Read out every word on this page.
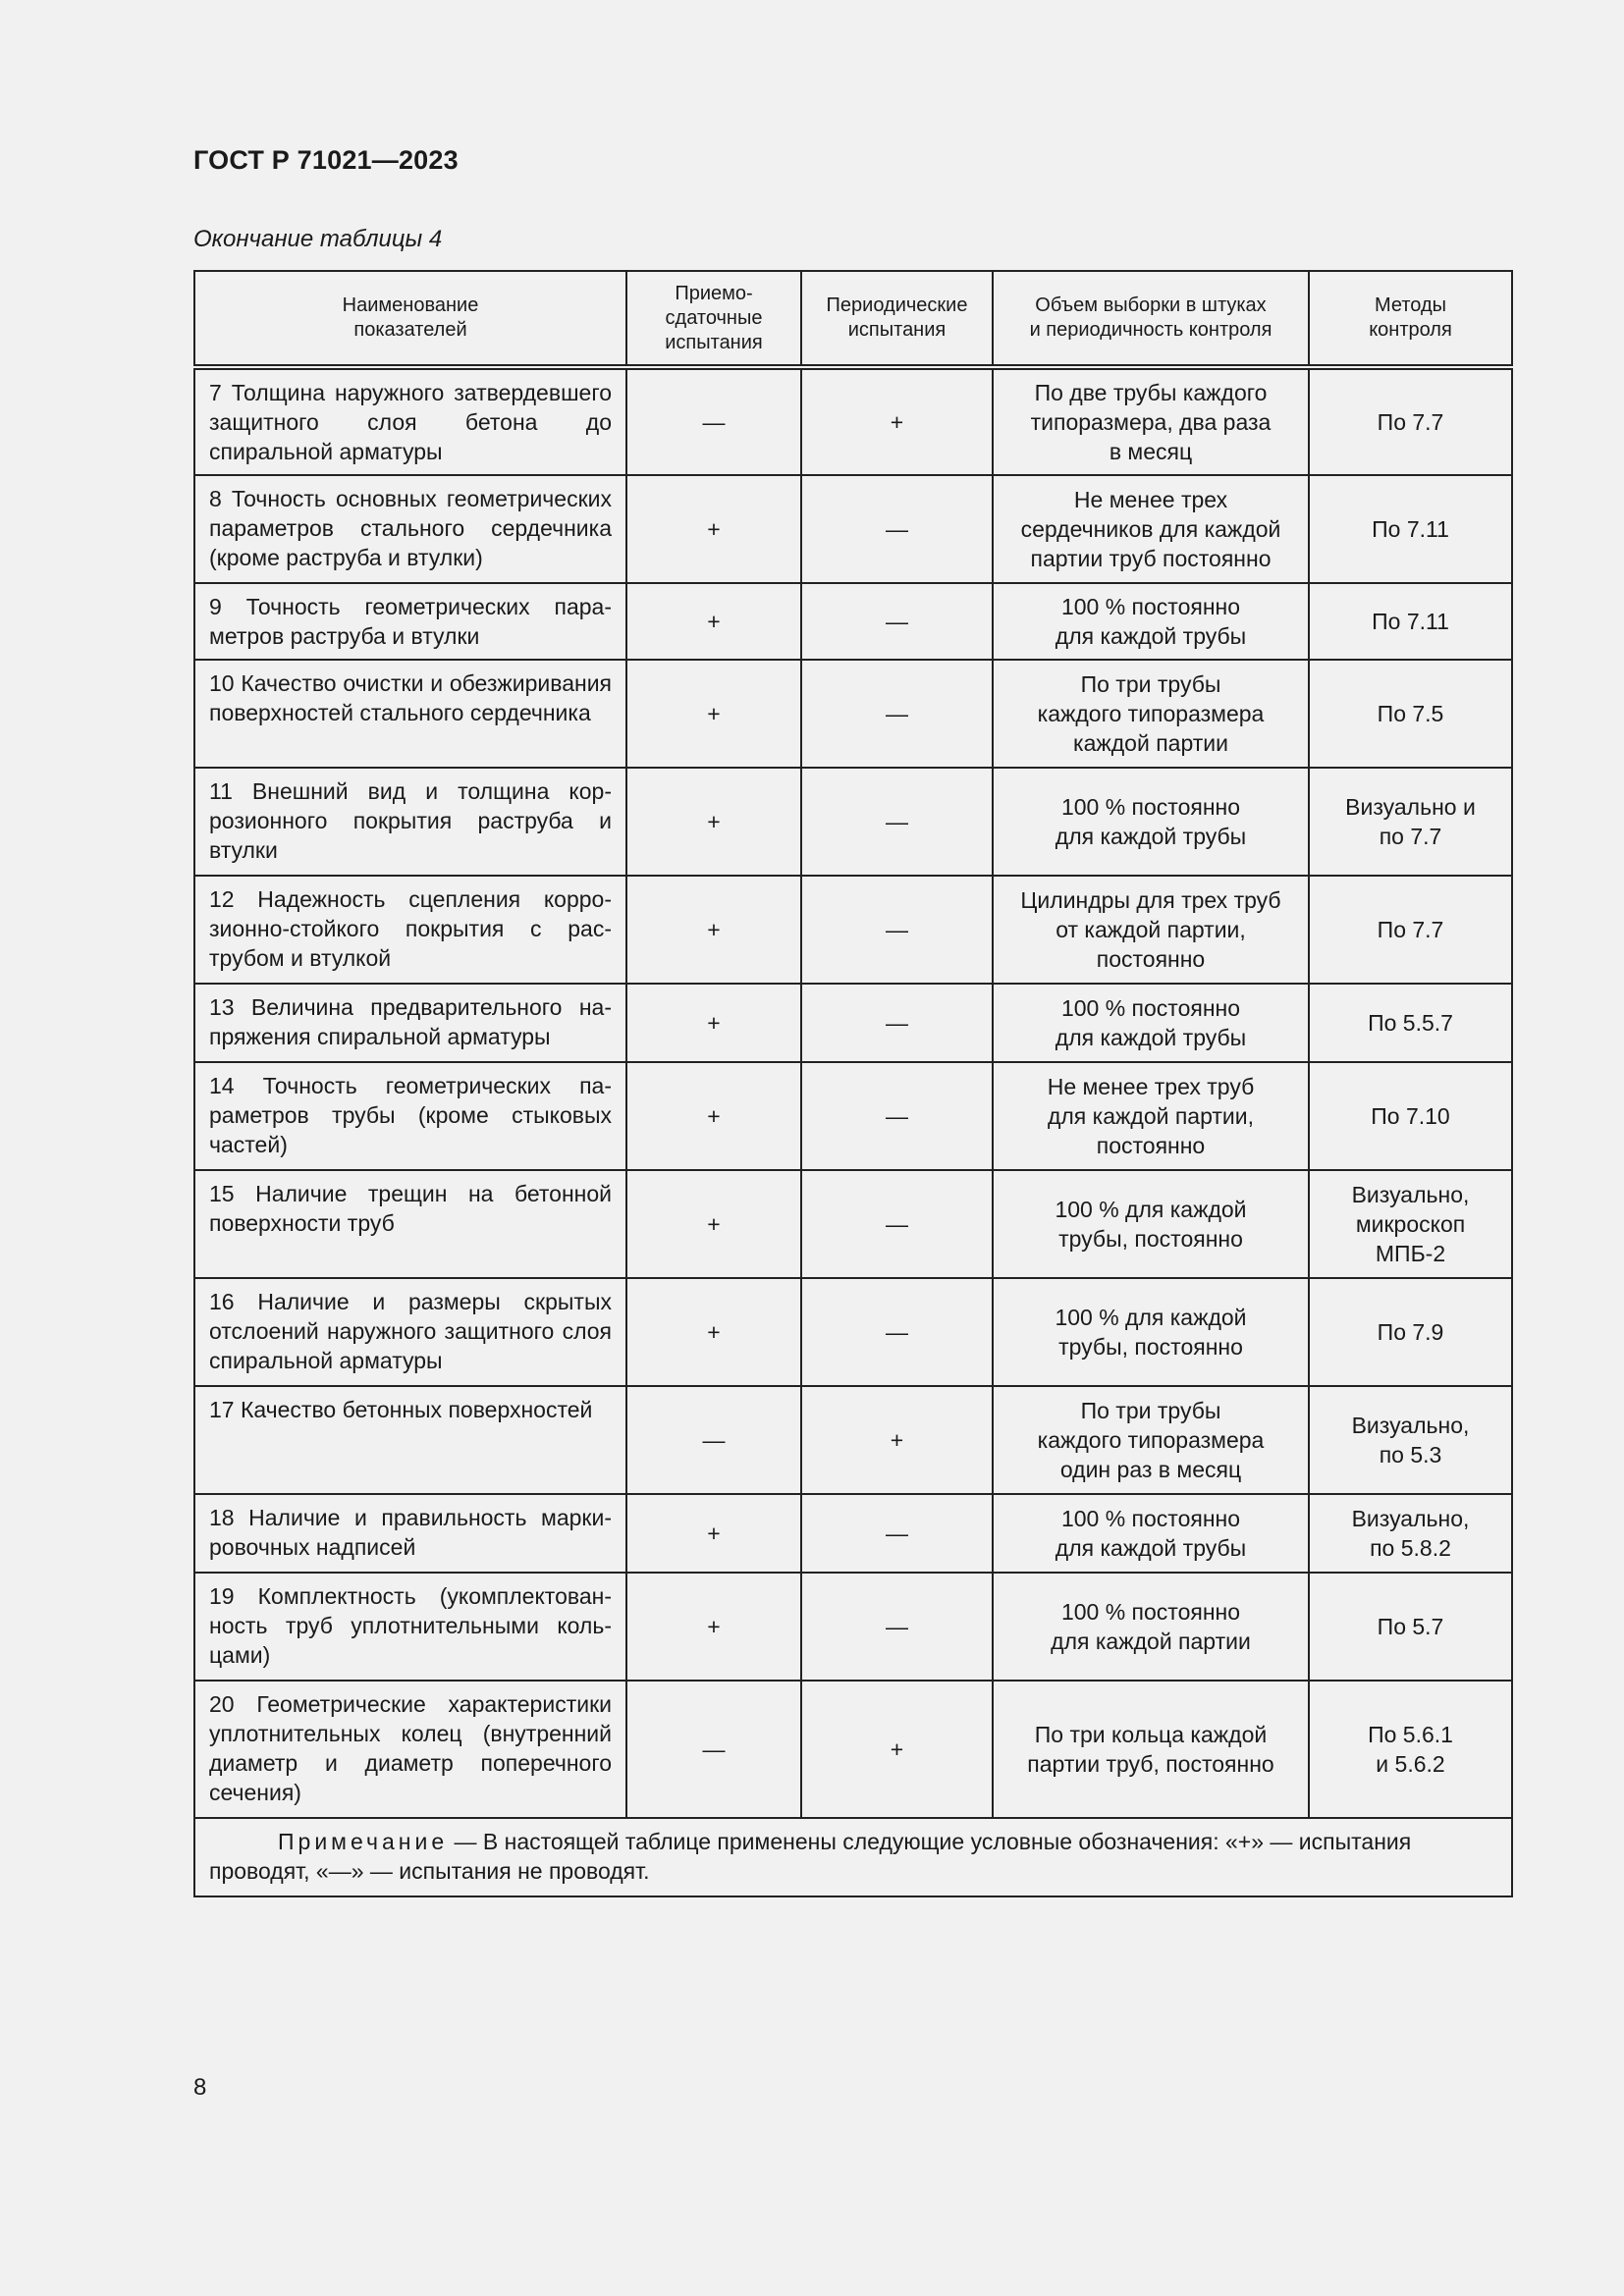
ГОСТ Р 71021—2023
Окончание таблицы 4
Наименование
показателей	Приемо-
сдаточные
испытания	Периодические
испытания	Объем выборки в штуках
и периодичность контроля	Методы
контроля
7 Толщина наружного затвердевшего защитного слоя бетона до спиральной арматуры	—	+	По две трубы каждого
типоразмера, два раза
в месяц	По 7.7
8 Точность основных геометрических параметров стального сердечника (кроме раструба и втулки)	+	—	Не менее трех
сердечников для каждой
партии труб постоянно	По 7.11
9 Точность геометрических параметров раструба и втулки	+	—	100 % постоянно
для каждой трубы	По 7.11
10 Качество очистки и обезжиривания поверхностей стального сердечника	+	—	По три трубы
каждого типоразмера
каждой партии	По 7.5
11 Внешний вид и толщина коррозионного покрытия раструба и втулки	+	—	100 % постоянно
для каждой трубы	Визуально и
по 7.7
12 Надежность сцепления коррозионно-стойкого покрытия с раструбом и втулкой	+	—	Цилиндры для трех труб
от каждой партии,
постоянно	По 7.7
13 Величина предварительного напряжения спиральной арматуры	+	—	100 % постоянно
для каждой трубы	По 5.5.7
14 Точность геометрических параметров трубы (кроме стыковых частей)	+	—	Не менее трех труб
для каждой партии,
постоянно	По 7.10
15 Наличие трещин на бетонной поверхности труб	+	—	100 % для каждой
трубы, постоянно	Визуально,
микроскоп
МПБ-2
16 Наличие и размеры скрытых отслоений наружного защитного слоя спиральной арматуры	+	—	100 % для каждой
трубы, постоянно	По 7.9
17 Качество бетонных поверхностей	—	+	По три трубы
каждого типоразмера
один раз в месяц	Визуально,
по 5.3
18 Наличие и правильность маркировочных надписей	+	—	100 % постоянно
для каждой трубы	Визуально,
по 5.8.2
19 Комплектность (укомплектованность труб уплотнительными кольцами)	+	—	100 % постоянно
для каждой партии	По 5.7
20 Геометрические характеристики уплотнительных колец (внутренний диаметр и диаметр поперечного сечения)	—	+	По три кольца каждой
партии труб, постоянно	По 5.6.1
и 5.6.2
Примечание — В настоящей таблице применены следующие условные обозначения: «+» — испытания проводят, «—» — испытания не проводят.				
8
